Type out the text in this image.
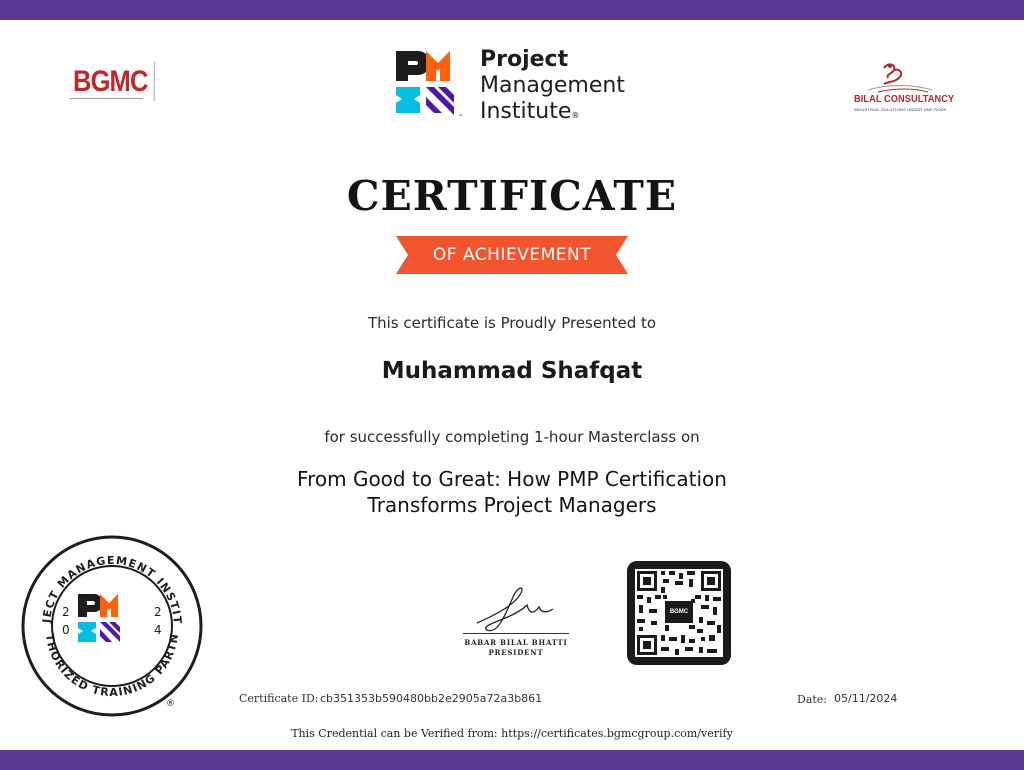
BGMC
™
Project
Management
Institute®
BILAL CONSULTANCY
INDUSTRIAL SOLUTIONS UNDER ONE ROOF
CERTIFICATE
OF ACHIEVEMENT
This certificate is Proudly Presented to
Muhammad Shafqat
for successfully completing 1-hour Masterclass on
From Good to Great: How PMP Certification
Transforms Project Managers
JECT MANAGEMENT INSTIT
THORIZED TRAINING PARTN
2
0
2
4
®
BABAR BILAL BHATTI
PRESIDENT
BGMC
Certificate ID: cb351353b590480bb2e2905a72a3b861	Date: 05/11/2024
This Credential can be Verified from: https://certificates.bgmcgroup.com/verify
